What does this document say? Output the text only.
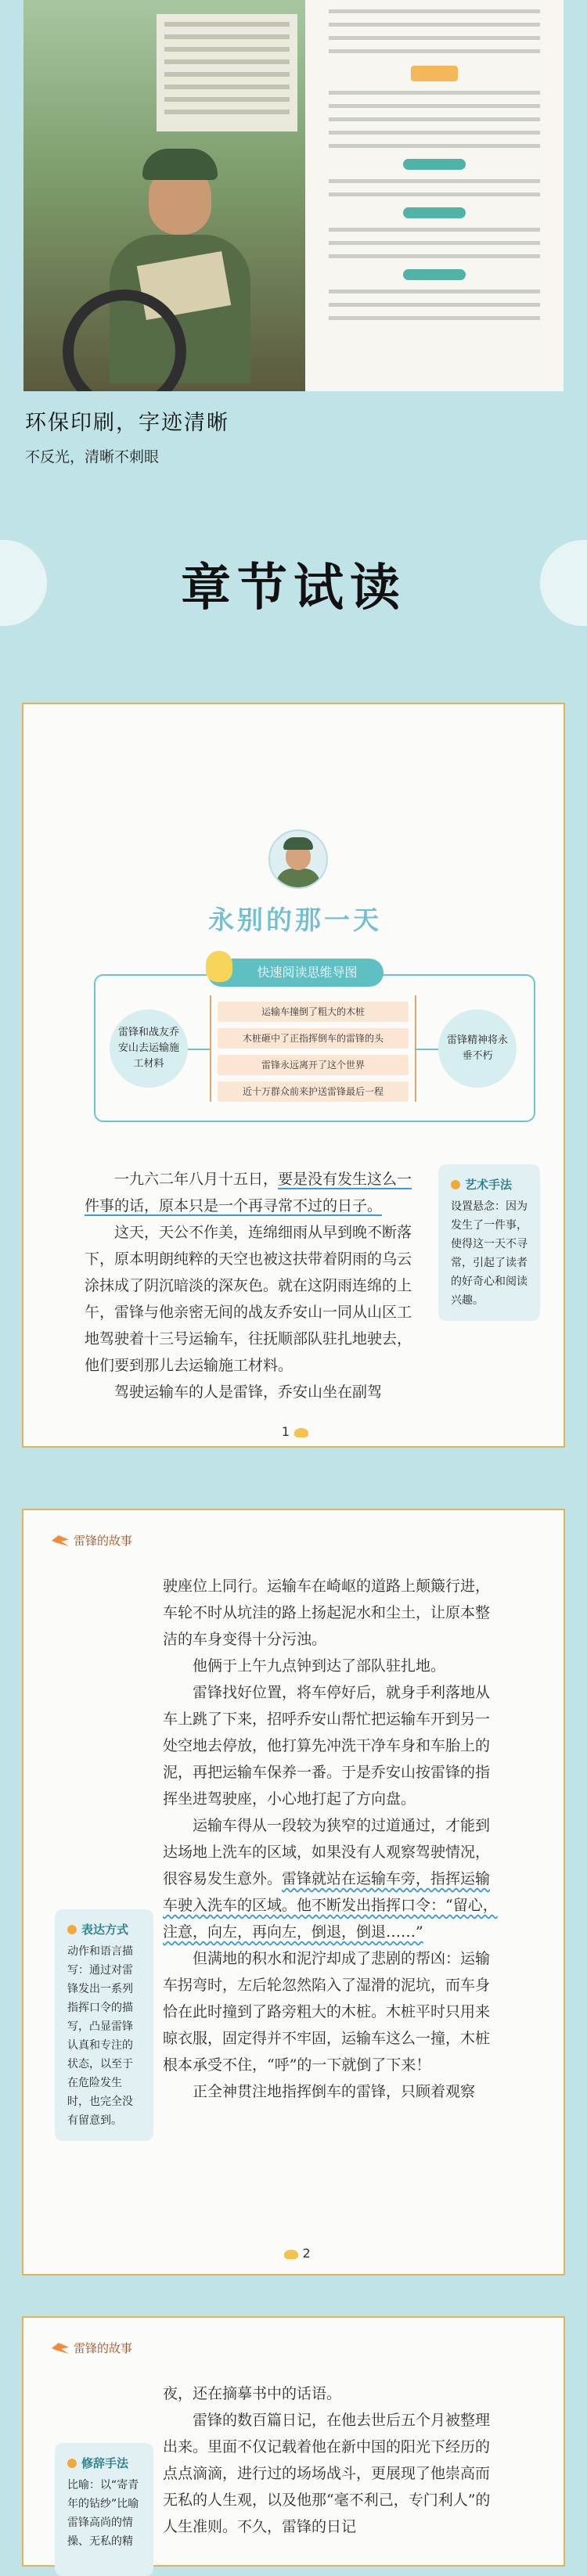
环保印刷，字迹清晰
不反光，清晰不刺眼
章节试读
永别的那一天
快速阅读思维导图
雷锋和战友乔安山去运输施工材料
运输车撞倒了粗大的木桩
木桩砸中了正指挥倒车的雷锋的头
雷锋永远离开了这个世界
近十万群众前来护送雷锋最后一程
雷锋精神将永垂不朽

一九六二年八月十五日，要是没有发生这么一件事的话，原本只是一个再寻常不过的日子。

这天，天公不作美，连绵细雨从早到晚不断落下，原本明朗纯粹的天空也被这扶带着阴雨的乌云涂抹成了阴沉暗淡的深灰色。就在这阴雨连绵的上午，雷锋与他亲密无间的战友乔安山一同从山区工地驾驶着十三号运输车，往抚顺部队驻扎地驶去，他们要到那儿去运输施工材料。

驾驶运输车的人是雷锋，乔安山坐在副驾

艺术手法
设置悬念：因为发生了一件事，使得这一天不寻常，引起了读者的好奇心和阅读兴趣。
1
雷锋的故事

驶座位上同行。运输车在崎岖的道路上颠簸行进，车轮不时从坑洼的路上扬起泥水和尘土，让原本整洁的车身变得十分污浊。

他俩于上午九点钟到达了部队驻扎地。

雷锋找好位置，将车停好后，就身手利落地从车上跳了下来，招呼乔安山帮忙把运输车开到另一处空地去停放，他打算先冲洗干净车身和车胎上的泥，再把运输车保养一番。于是乔安山按雷锋的指挥坐进驾驶座，小心地打起了方向盘。

运输车得从一段较为狭窄的过道通过，才能到达场地上洗车的区域，如果没有人观察驾驶情况，很容易发生意外。雷锋就站在运输车旁，指挥运输车驶入洗车的区域。他不断发出指挥口令：“留心，注意，向左，再向左，倒退，倒退……”

但满地的积水和泥泞却成了悲剧的帮凶：运输车拐弯时，左后轮忽然陷入了湿滑的泥坑，而车身恰在此时撞到了路旁粗大的木桩。木桩平时只用来晾衣服，固定得并不牢固，运输车这么一撞，木桩根本承受不住，“呼”的一下就倒了下来！

正全神贯注地指挥倒车的雷锋，只顾着观察

表达方式
动作和语言描写：通过对雷锋发出一系列指挥口令的描写，凸显雷锋认真和专注的状态，以至于在危险发生时，也完全没有留意到。
2
雷锋的故事

夜，还在摘摹书中的话语。

雷锋的数百篇日记，在他去世后五个月被整理出来。里面不仅记载着他在新中国的阳光下经历的点点滴滴，进行过的场场战斗，更展现了他崇高而无私的人生观，以及他那“毫不利己，专门利人”的人生准则。不久，雷锋的日记

修辞手法
比喻：以“寄青年的钻纱”比喻雷锋高尚的情操、无私的精
